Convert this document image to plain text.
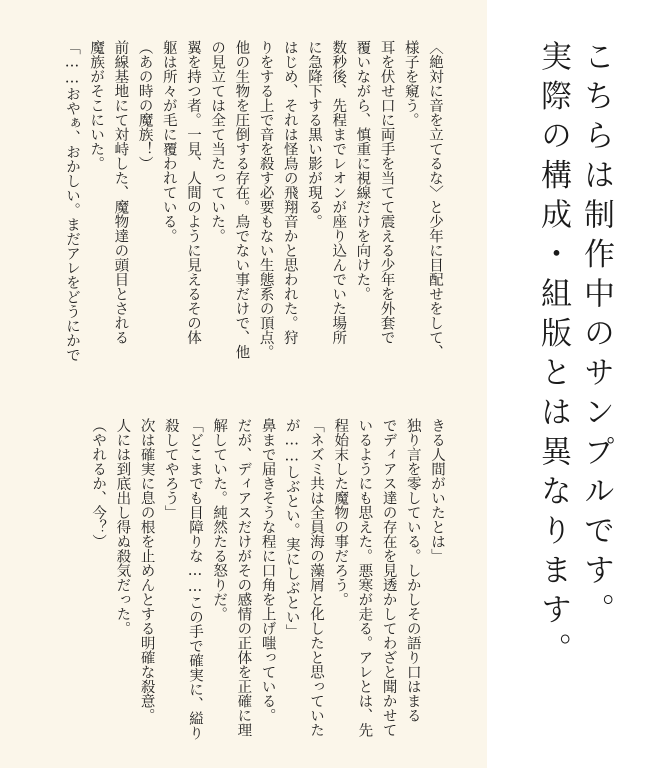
〈絶対に音を立てるな〉と少年に目配せをして、
様子を窺う。
耳を伏せ口に両手を当てて震える少年を外套で
覆いながら、慎重に視線だけを向けた。
数秒後、先程までレオンが座り込んでいた場所
に急降下する黒い影が現る。
はじめ、それは怪鳥の飛翔音かと思われた。狩
りをする上で音を殺す必要もない生態系の頂点。
他の生物を圧倒する存在。鳥でない事だけで、他
の見立ては全て当たっていた。
翼を持つ者。一見、人間のように見えるその体
躯は所々が毛に覆われている。
（あの時の魔族！）
前線基地にて対峙した、魔物達の頭目とされる
魔族がそこにいた。
「……おやぁ、おかしい。まだアレをどうにかで
きる人間がいたとは」
独り言を零している。しかしその語り口はまる
でディアス達の存在を見透かしてわざと聞かせて
いるようにも思えた。悪寒が走る。アレとは、先
程始末した魔物の事だろう。
「ネズミ共は全員海の藻屑と化したと思っていた
が……しぶとい。実にしぶとい」
鼻まで届きそうな程に口角を上げ嗤っている。
だが、ディアスだけがその感情の正体を正確に理
解していた。純然たる怒りだ。
「どこまでも目障りな……この手で確実に、縊り
殺してやろう」
次は確実に息の根を止めんとする明確な殺意。
人には到底出し得ぬ殺気だった。
（やれるか、今？）	こちらは制作中のサンプルです。
実際の構成・組版とは異なります。
